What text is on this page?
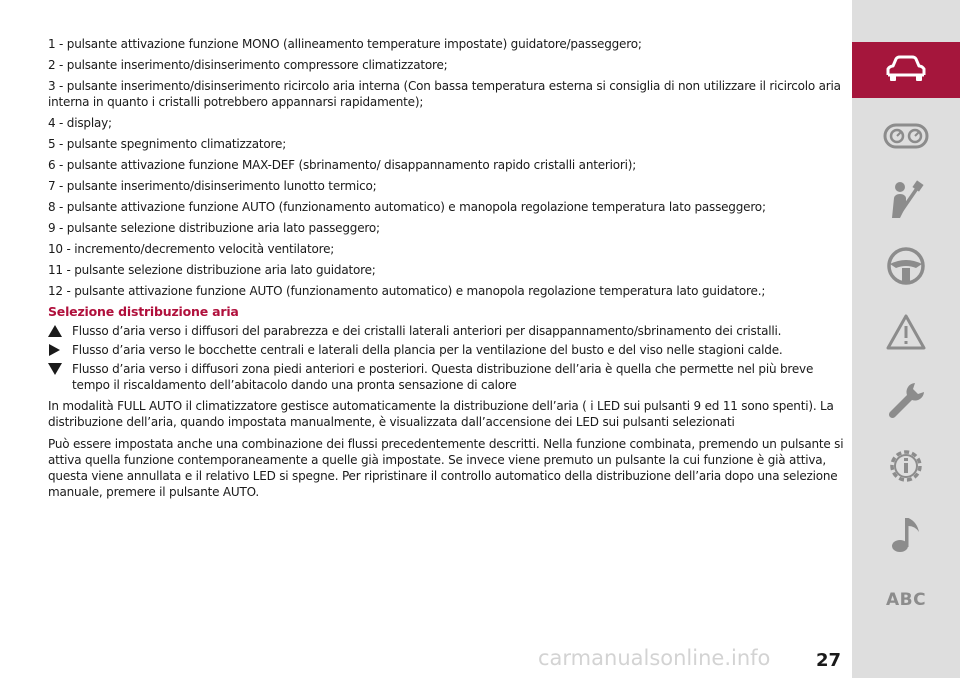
1 - pulsante attivazione funzione MONO (allineamento temperature impostate) guidatore/passeggero;

2 - pulsante inserimento/disinserimento compressore climatizzatore;

3 - pulsante inserimento/disinserimento ricircolo aria interna (Con bassa temperatura esterna si consiglia di non utilizzare il ricircolo aria interna in quanto i cristalli potrebbero appannarsi rapidamente);

4 - display;

5 - pulsante spegnimento climatizzatore;

6 - pulsante attivazione funzione MAX-DEF (sbrinamento/ disappannamento rapido cristalli anteriori);

7 - pulsante inserimento/disinserimento lunotto termico;

8 - pulsante attivazione funzione AUTO (funzionamento automatico) e manopola regolazione temperatura lato passeggero;

9 - pulsante selezione distribuzione aria lato passeggero;

10 - incremento/decremento velocità ventilatore;

11 - pulsante selezione distribuzione aria lato guidatore;

12 - pulsante attivazione funzione AUTO (funzionamento automatico) e manopola regolazione temperatura lato guidatore.;

Selezione distribuzione aria
Flusso d’aria verso i diffusori del parabrezza e dei cristalli laterali anteriori per disappannamento/sbrinamento dei cristalli.
Flusso d’aria verso le bocchette centrali e laterali della plancia per la ventilazione del busto e del viso nelle stagioni calde.
Flusso d’aria verso i diffusori zona piedi anteriori e posteriori. Questa distribuzione dell’aria è quella che permette nel più breve tempo il riscaldamento dell’abitacolo dando una pronta sensazione di calore

In modalità FULL AUTO il climatizzatore gestisce automaticamente la distribuzione dell’aria ( i LED sui pulsanti 9 ed 11 sono spenti). La distribuzione dell’aria, quando impostata manualmente, è visualizzata dall’accensione dei LED sui pulsanti selezionati

Può essere impostata anche una combinazione dei flussi precedentemente descritti. Nella funzione combinata, premendo un pulsante si attiva quella funzione contemporaneamente a quelle già impostate. Se invece viene premuto un pulsante la cui funzione è già attiva, questa viene annullata e il relativo LED si spegne. Per ripristinare il controllo automatico della distribuzione dell’aria dopo una selezione manuale, premere il pulsante AUTO.

ABC
carmanualsonline.info	27
